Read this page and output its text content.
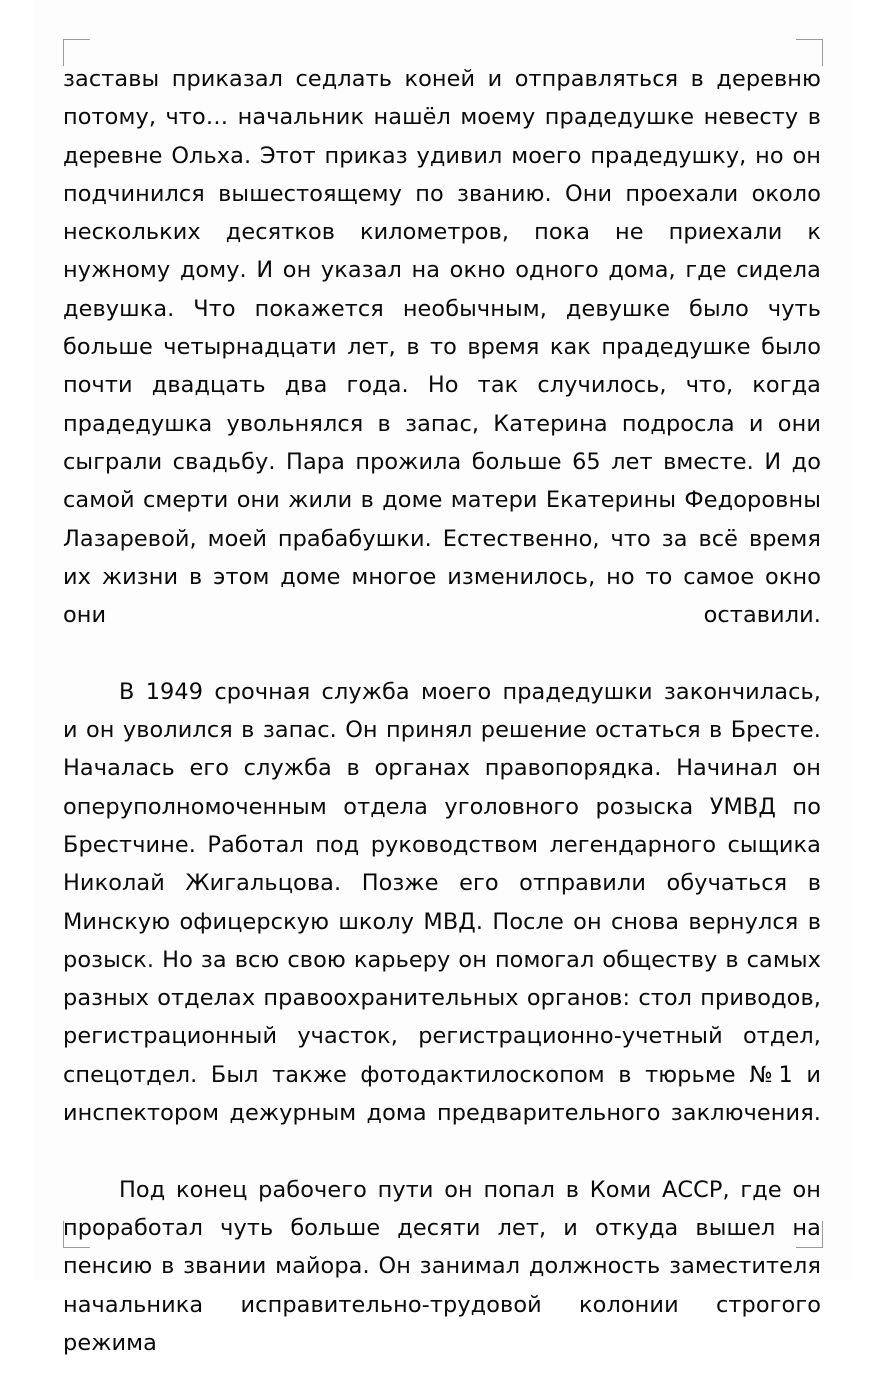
заставы приказал седлать коней и отправляться в деревню потому, что… начальник нашёл моему прадедушке невесту в деревне Ольха. Этот приказ удивил моего прадедушку, но он подчинился вышестоящему по званию. Они проехали около нескольких десятков километров, пока не приехали к нужному дому. И он указал на окно одного дома, где сидела девушка. Что покажется необычным, девушке было чуть больше четырнадцати лет, в то время как прадедушке было почти двадцать два года. Но так случилось, что, когда прадедушка увольнялся в запас, Катерина подросла и они сыграли свадьбу. Пара прожила больше 65 лет вместе. И до самой смерти они жили в доме матери Екатерины Федоровны Лазаревой, моей прабабушки. Естественно, что за всё время их жизни в этом доме многое изменилось, но то самое окно они оставили.

В 1949 срочная служба моего прадедушки закончилась, и он уволился в запас. Он принял решение остаться в Бресте. Началась его служба в органах правопорядка. Начинал он оперуполномоченным отдела уголовного розыска УМВД по Брестчине. Работал под руководством легендарного сыщика Николай Жигальцова. Позже его отправили обучаться в Минскую офицерскую школу МВД. После он снова вернулся в розыск. Но за всю свою карьеру он помогал обществу в самых разных отделах правоохранительных органов: стол приводов, регистрационный участок, регистрационно-учетный отдел, спецотдел. Был также фотодактилоскопом в тюрьме №1 и инспектором дежурным дома предварительного заключения.

Под конец рабочего пути он попал в Коми АССР, где он проработал чуть больше десяти лет, и откуда вышел на пенсию в звании майора. Он занимал должность заместителя начальника исправительно-трудовой колонии строгого режима
